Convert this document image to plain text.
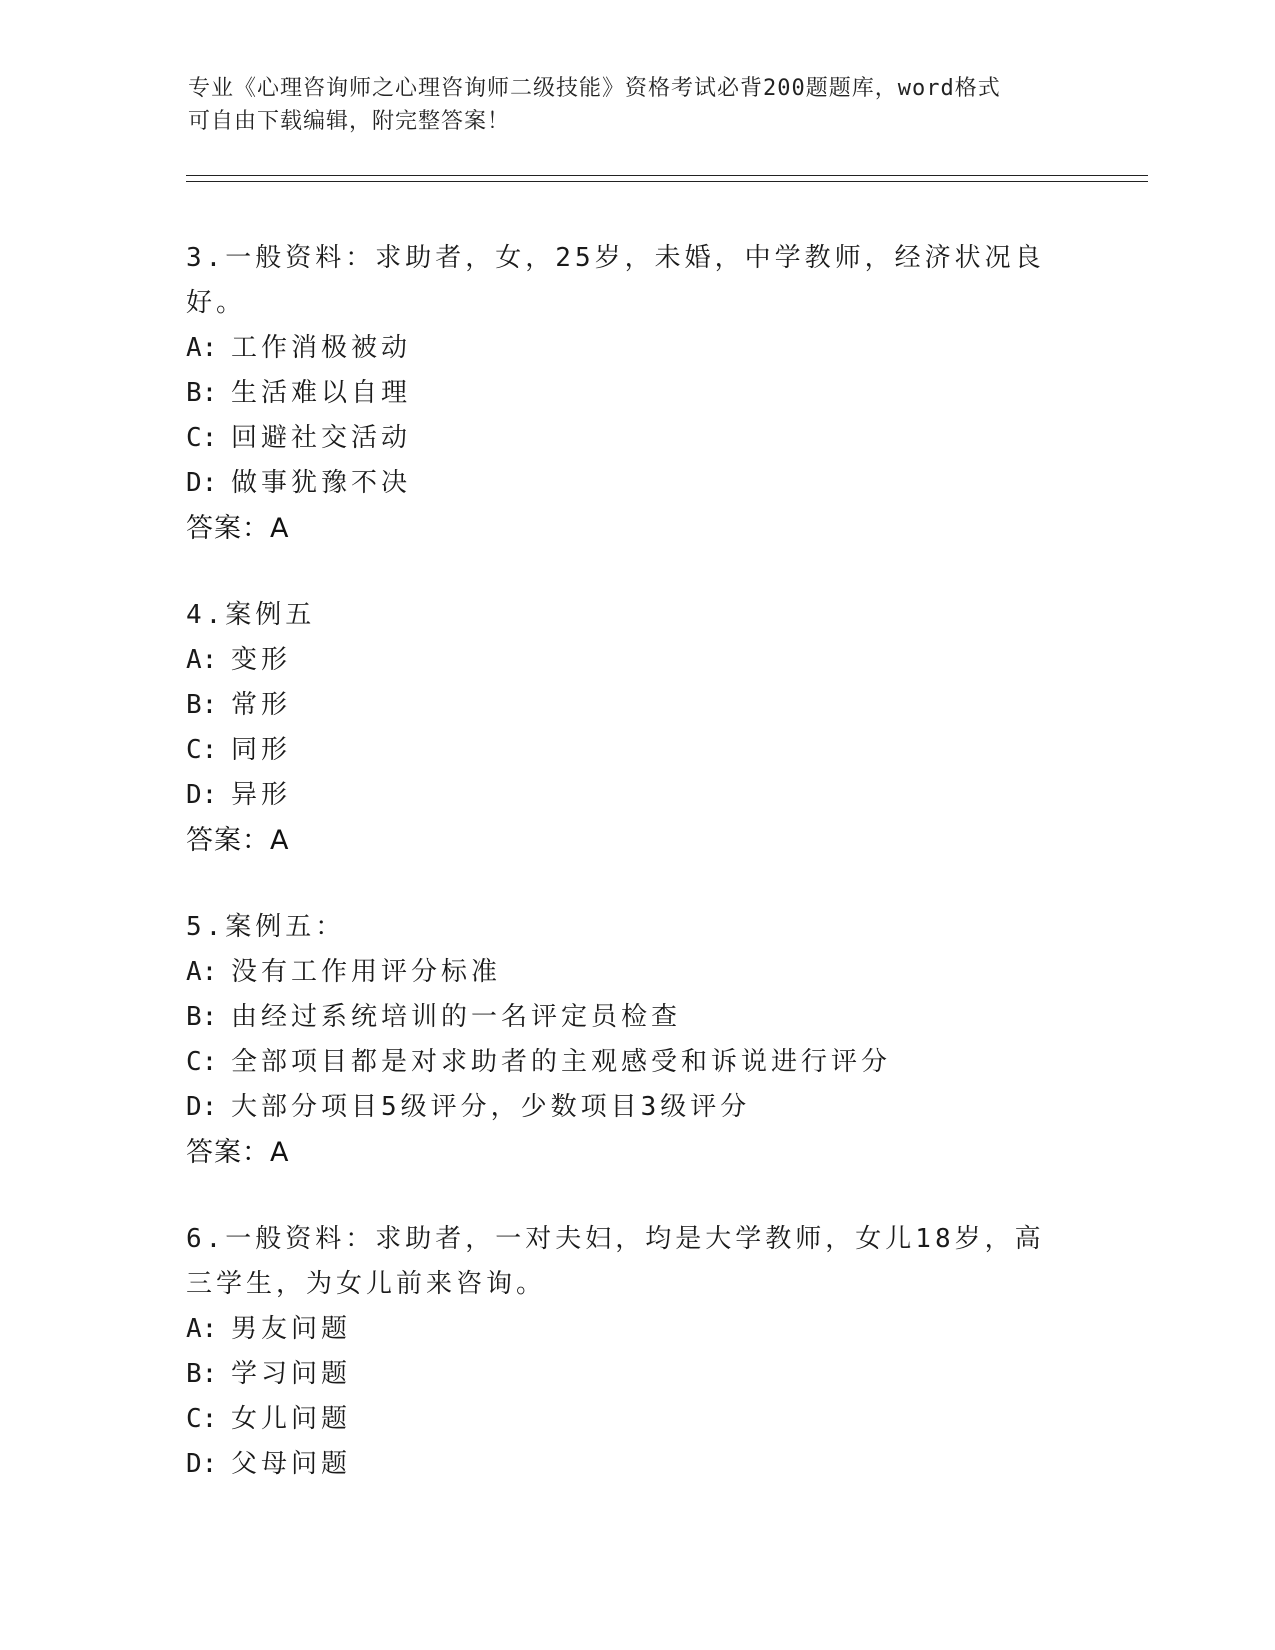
专业《心理咨询师之心理咨询师二级技能》资格考试必背200题题库，word格式
可自由下载编辑，附完整答案！
3.一般资料：求助者，女，25岁，未婚，中学教师，经济状况良好。
A: 工作消极被动
B: 生活难以自理
C: 回避社交活动
D: 做事犹豫不决
答案：A
4.案例五
A: 变形
B: 常形
C: 同形
D: 异形
答案：A
5.案例五：
A: 没有工作用评分标准
B: 由经过系统培训的一名评定员检查
C: 全部项目都是对求助者的主观感受和诉说进行评分
D: 大部分项目5级评分，少数项目3级评分
答案：A
6.一般资料：求助者，一对夫妇，均是大学教师，女儿18岁，高三学生，为女儿前来咨询。
A: 男友问题
B: 学习问题
C: 女儿问题
D: 父母问题
